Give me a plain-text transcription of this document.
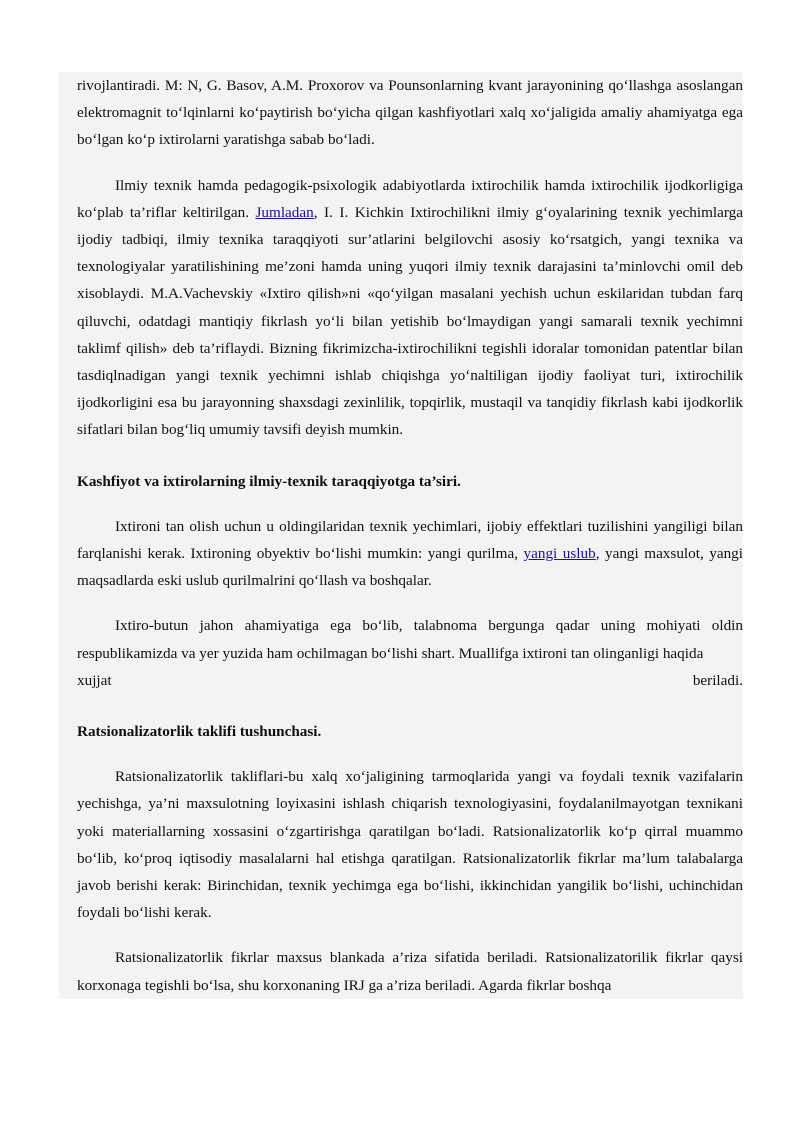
rivojlantiradi. M: N, G. Basov, A.M. Proxorov va Pounsonlarning kvant jarayonining qo‘llashga asoslangan elektromagnit to‘lqinlarni ko‘paytirish bo‘yicha qilgan kashfiyotlari xalq xo‘jaligida amaliy ahamiyatga ega bo‘lgan ko‘p ixtirolarni yaratishga sabab bo‘ladi.

Ilmiy texnik hamda pedagogik-psixologik adabiyotlarda ixtirochilik hamda ixtirochilik ijodkorligiga ko‘plab ta’riflar keltirilgan. Jumladan, I. I. Kichkin Ixtirochilikni ilmiy g‘oyalarining texnik yechimlarga ijodiy tadbiqi, ilmiy texnika taraqqiyoti sur’atlarini belgilovchi asosiy ko‘rsatgich, yangi texnika va texnologiyalar yaratilishining me’zoni hamda uning yuqori ilmiy texnik darajasini ta’minlovchi omil deb xisoblaydi. M.A.Vachevskiy «Ixtiro qilish»ni «qo‘yilgan masalani yechish uchun eskilaridan tubdan farq qiluvchi, odatdagi mantiqiy fikrlash yo‘li bilan yetishib bo‘lmaydigan yangi samarali texnik yechimni taklimf qilish» deb ta’riflaydi. Bizning fikrimizcha-ixtirochilikni tegishli idoralar tomonidan patentlar bilan tasdiqlnadigan yangi texnik yechimni ishlab chiqishga yo‘naltiligan ijodiy faoliyat turi, ixtirochilik ijodkorligini esa bu jarayonning shaxsdagi zexinlilik, topqirlik, mustaqil va tanqidiy fikrlash kabi ijodkorlik sifatlari bilan bog‘liq umumiy tavsifi deyish mumkin.

Kashfiyot va ixtirolarning ilmiy-texnik taraqqiyotga ta’siri.

Ixtironi tan olish uchun u oldingilaridan texnik yechimlari, ijobiy effektlari tuzilishini yangiligi bilan farqlanishi kerak. Ixtironing obyektiv bo‘lishi mumkin: yangi qurilma, yangi uslub, yangi maxsulot, yangi maqsadlarda eski uslub qurilmalrini qo‘llash va boshqalar.

Ixtiro-butun jahon ahamiyatiga ega bo‘lib, talabnoma bergunga qadar uning mohiyati oldin respublikamizda va yer yuzida ham ochilmagan bo‘lishi shart. Muallifga ixtironi tan olinganligi haqida

xujjat	beriladi.

Ratsionalizatorlik taklifi tushunchasi.

Ratsionalizatorlik takliflari-bu xalq xo‘jaligining tarmoqlarida yangi va foydali texnik vazifalarin yechishga, ya’ni maxsulotning loyixasini ishlash chiqarish texnologiyasini, foydalanilmayotgan texnikani yoki materiallarning xossasini o‘zgartirishga qaratilgan bo‘ladi. Ratsionalizatorlik ko‘p qirral muammo bo‘lib, ko‘proq iqtisodiy masalalarni hal etishga qaratilgan. Ratsionalizatorlik fikrlar ma’lum talabalarga javob berishi kerak: Birinchidan, texnik yechimga ega bo‘lishi, ikkinchidan yangilik bo‘lishi, uchinchidan foydali bo‘lishi kerak.

Ratsionalizatorlik fikrlar maxsus blankada a’riza sifatida beriladi. Ratsionalizatorilik fikrlar qaysi korxonaga tegishli bo‘lsa, shu korxonaning IRJ ga a’riza beriladi. Agarda fikrlar boshqa
